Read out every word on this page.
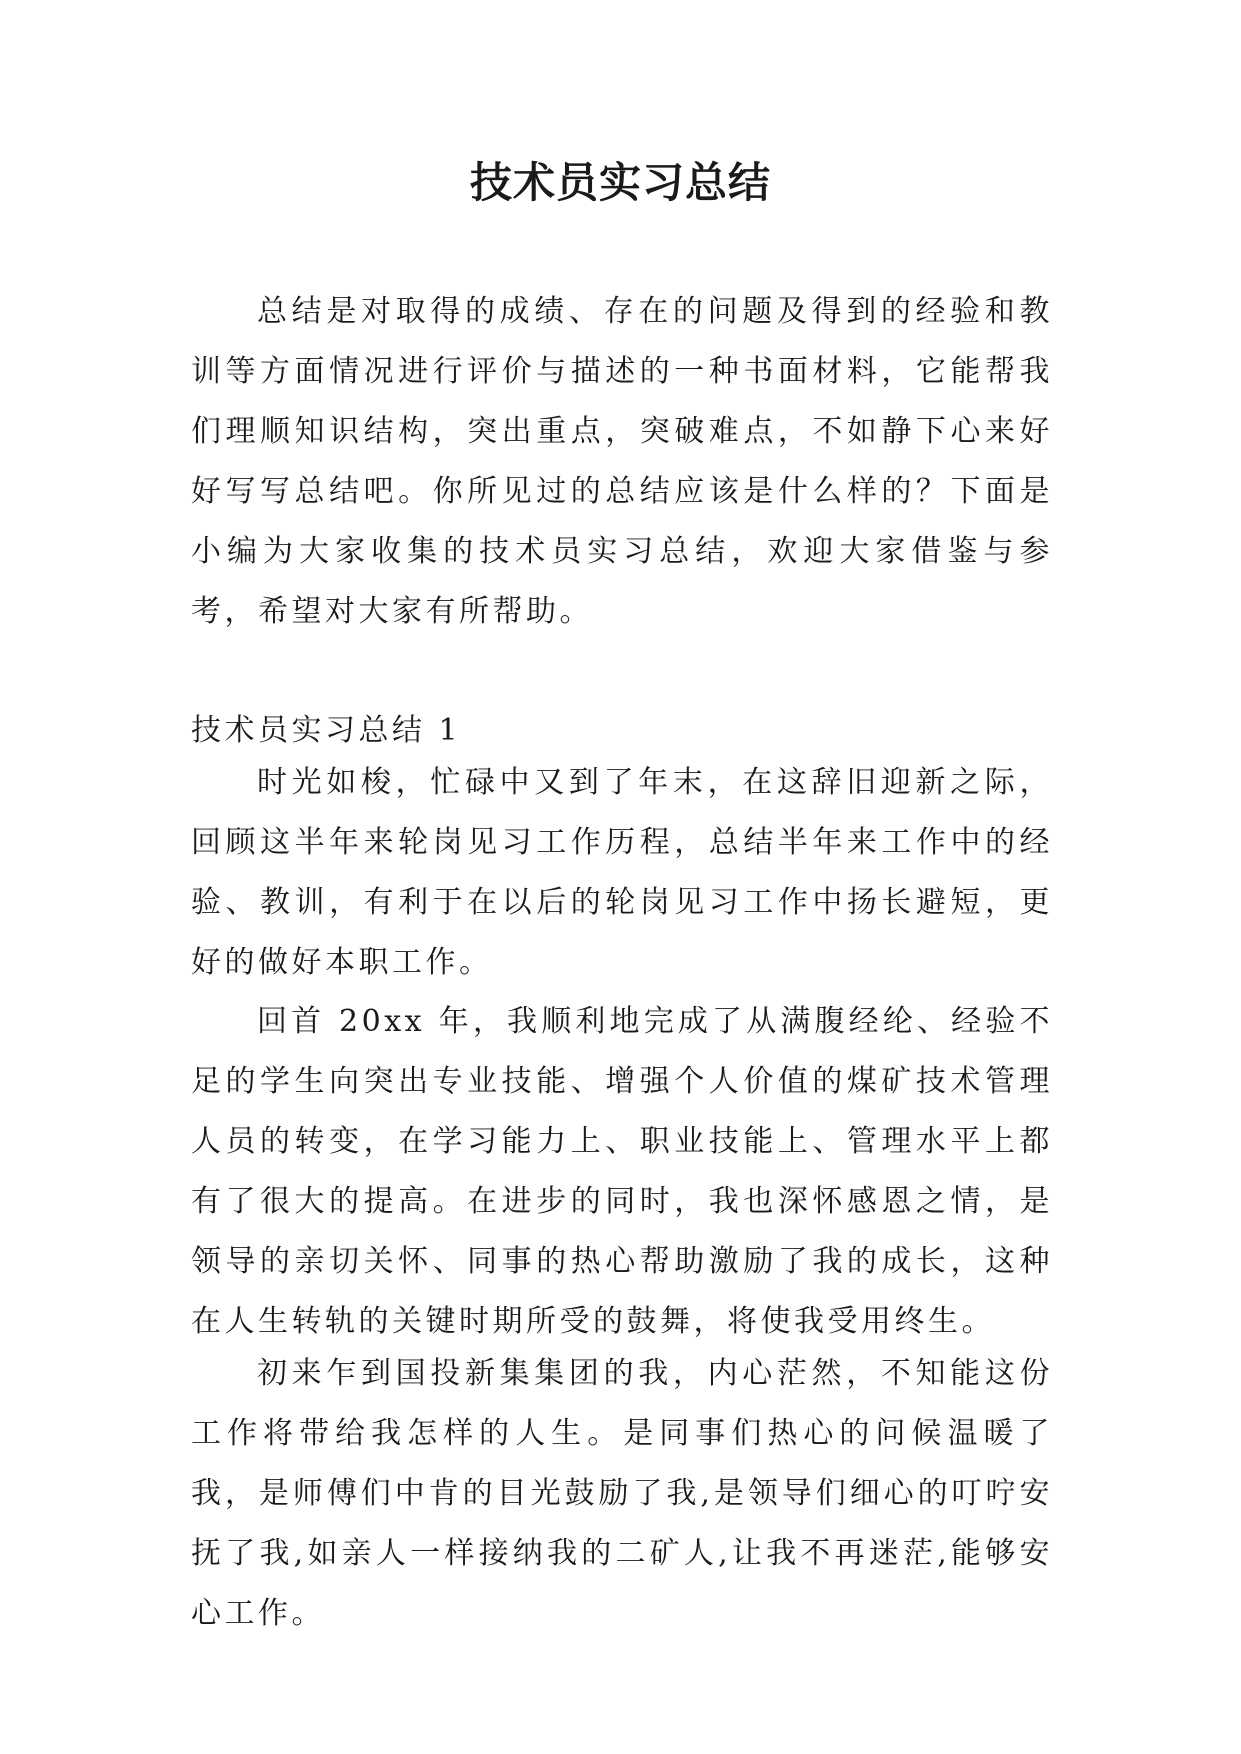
技术员实习总结

总结是对取得的成绩、存在的问题及得到的经验和教训等方面情况进行评价与描述的一种书面材料，它能帮我们理顺知识结构，突出重点，突破难点，不如静下心来好好写写总结吧。你所见过的总结应该是什么样的？下面是小编为大家收集的技术员实习总结，欢迎大家借鉴与参考，希望对大家有所帮助。

技术员实习总结 1

时光如梭，忙碌中又到了年末，在这辞旧迎新之际，回顾这半年来轮岗见习工作历程，总结半年来工作中的经验、教训，有利于在以后的轮岗见习工作中扬长避短，更好的做好本职工作。

回首 20xx 年，我顺利地完成了从满腹经纶、经验不足的学生向突出专业技能、增强个人价值的煤矿技术管理人员的转变，在学习能力上、职业技能上、管理水平上都有了很大的提高。在进步的同时，我也深怀感恩之情，是领导的亲切关怀、同事的热心帮助激励了我的成长，这种在人生转轨的关键时期所受的鼓舞，将使我受用终生。

初来乍到国投新集集团的我，内心茫然，不知能这份工作将带给我怎样的人生。是同事们热心的问候温暖了我，是师傅们中肯的目光鼓励了我,是领导们细心的叮咛安抚了我,如亲人一样接纳我的二矿人,让我不再迷茫,能够安心工作。
